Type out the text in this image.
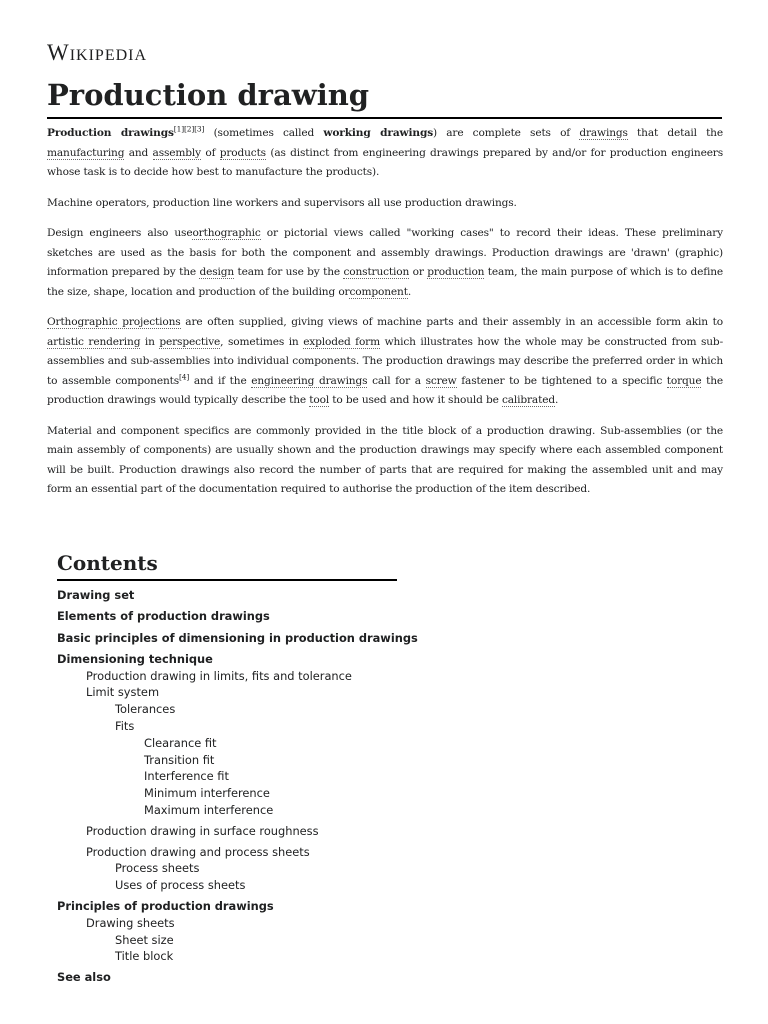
Wikipedia
Production drawing

Production drawings[1][2][3] (sometimes called working drawings) are complete sets of drawings that detail the manufacturing and assembly of products (as distinct from engineering drawings prepared by and/or for production engineers whose task is to decide how best to manufacture the products).

Machine operators, production line workers and supervisors all use production drawings.

Design engineers also useorthographic or pictorial views called "working cases" to record their ideas. These preliminary sketches are used as the basis for both the component and assembly drawings. Production drawings are 'drawn' (graphic) information prepared by the design team for use by the construction or production team, the main purpose of which is to define the size, shape, location and production of the building orcomponent.

Orthographic projections are often supplied, giving views of machine parts and their assembly in an accessible form akin to artistic rendering in perspective, sometimes in exploded form which illustrates how the whole may be constructed from sub-assemblies and sub-assemblies into individual components. The production drawings may describe the preferred order in which to assemble components[4] and if the engineering drawings call for a screw fastener to be tightened to a specific torque the production drawings would typically describe the tool to be used and how it should be calibrated.

Material and component specifics are commonly provided in the title block of a production drawing. Sub-assemblies (or the main assembly of components) are usually shown and the production drawings may specify where each assembled component will be built. Production drawings also record the number of parts that are required for making the assembled unit and may form an essential part of the documentation required to authorise the production of the item described.

Contents
Drawing set
Elements of production drawings
Basic principles of dimensioning in production drawings
Dimensioning technique
Production drawing in limits, fits and tolerance
Limit system
Tolerances
Fits
Clearance fit
Transition fit
Interference fit
Minimum interference
Maximum interference
Production drawing in surface roughness
Production drawing and process sheets
Process sheets
Uses of process sheets
Principles of production drawings
Drawing sheets
Sheet size
Title block
See also
